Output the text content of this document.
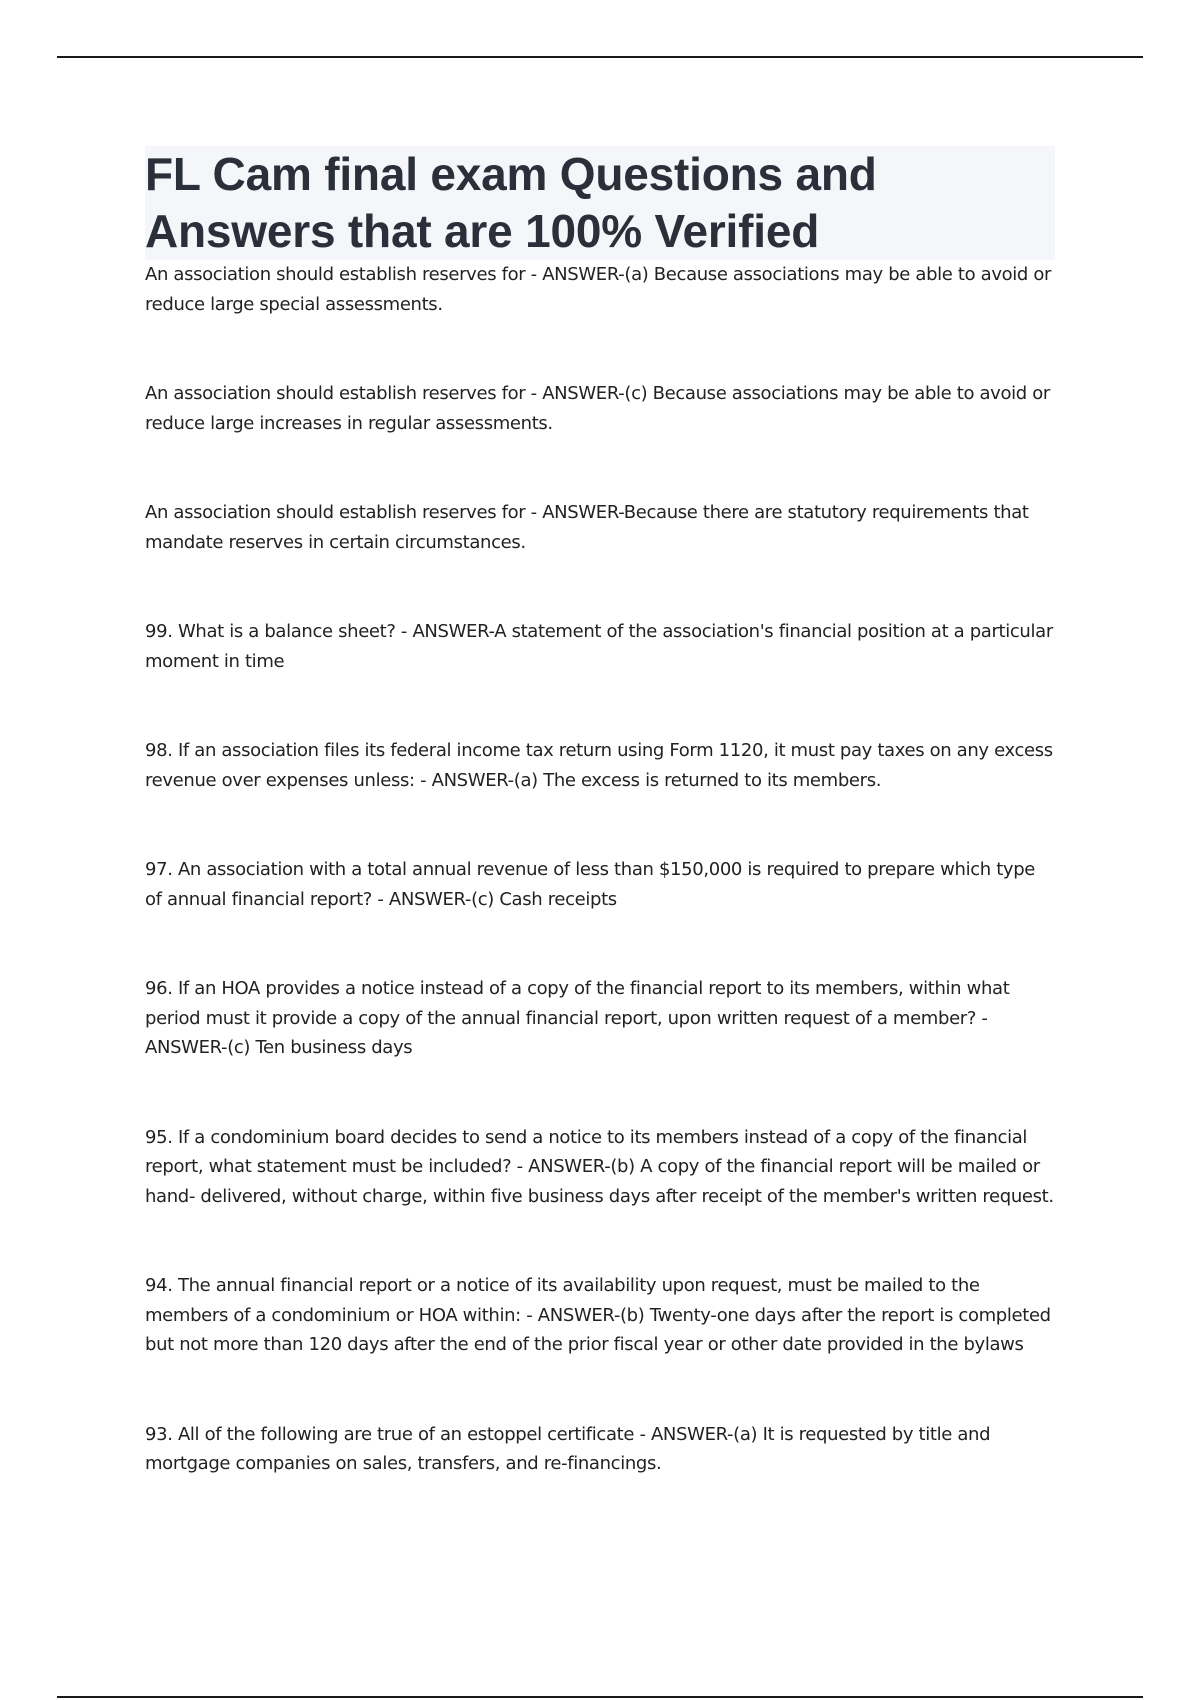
FL Cam final exam Questions and Answers that are 100% Verified
An association should establish reserves for - ANSWER-(a) Because associations may be able to avoid or reduce large special assessments.
An association should establish reserves for - ANSWER-(c) Because associations may be able to avoid or reduce large increases in regular assessments.
An association should establish reserves for - ANSWER-Because there are statutory requirements that mandate reserves in certain circumstances.
99. What is a balance sheet? - ANSWER-A statement of the association's financial position at a particular moment in time
98. If an association files its federal income tax return using Form 1120, it must pay taxes on any excess revenue over expenses unless: - ANSWER-(a) The excess is returned to its members.
97. An association with a total annual revenue of less than $150,000 is required to prepare which type of annual financial report? - ANSWER-(c) Cash receipts
96. If an HOA provides a notice instead of a copy of the financial report to its members, within what period must it provide a copy of the annual financial report, upon written request of a member? - ANSWER-(c) Ten business days
95. If a condominium board decides to send a notice to its members instead of a copy of the financial report, what statement must be included? - ANSWER-(b) A copy of the financial report will be mailed or hand- delivered, without charge, within five business days after receipt of the member's written request.
94. The annual financial report or a notice of its availability upon request, must be mailed to the members of a condominium or HOA within: - ANSWER-(b) Twenty-one days after the report is completed but not more than 120 days after the end of the prior fiscal year or other date provided in the bylaws
93. All of the following are true of an estoppel certificate - ANSWER-(a) It is requested by title and mortgage companies on sales, transfers, and re-financings.
